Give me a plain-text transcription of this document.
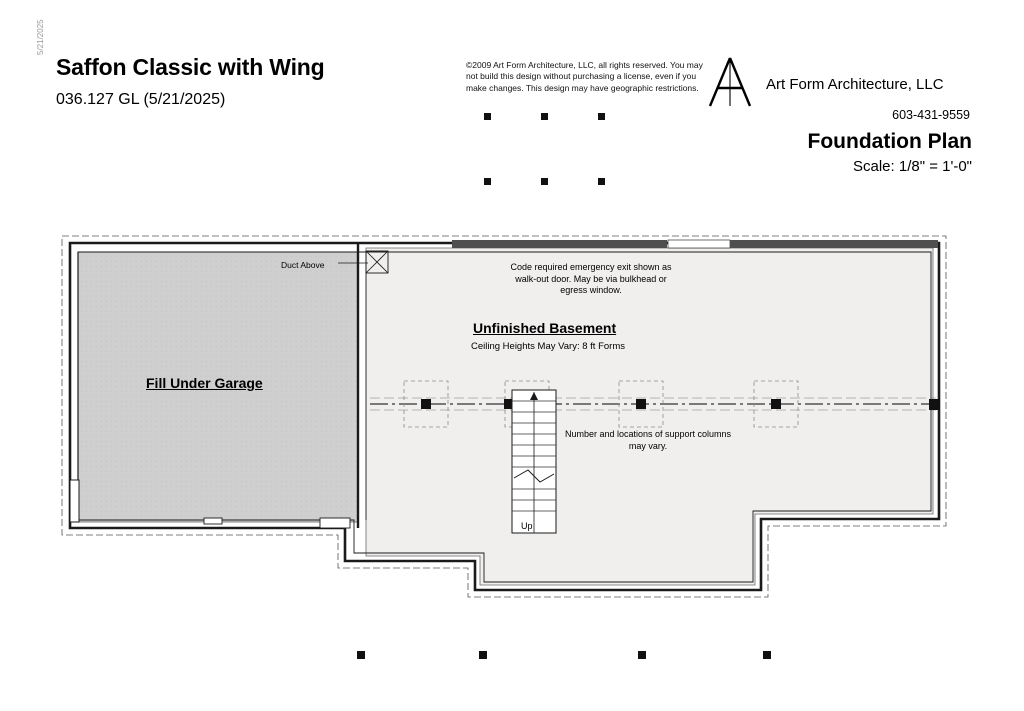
5/21/2025
Saffon Classic with Wing
036.127 GL (5/21/2025)
©2009 Art Form Architecture, LLC, all rights reserved. You may not build this design without purchasing a license, even if you make changes. This design may have geographic restrictions.	Art Form Architecture, LLC
603-431-9559
Foundation Plan
Scale: 1/8" = 1'-0"
Fill Under Garage
Unfinished Basement
Ceiling Heights May Vary: 8 ft Forms
Code required emergency exit shown as walk-out door. May be via bulkhead or egress window.
Number and locations of support columns may vary.
Duct Above
Up
